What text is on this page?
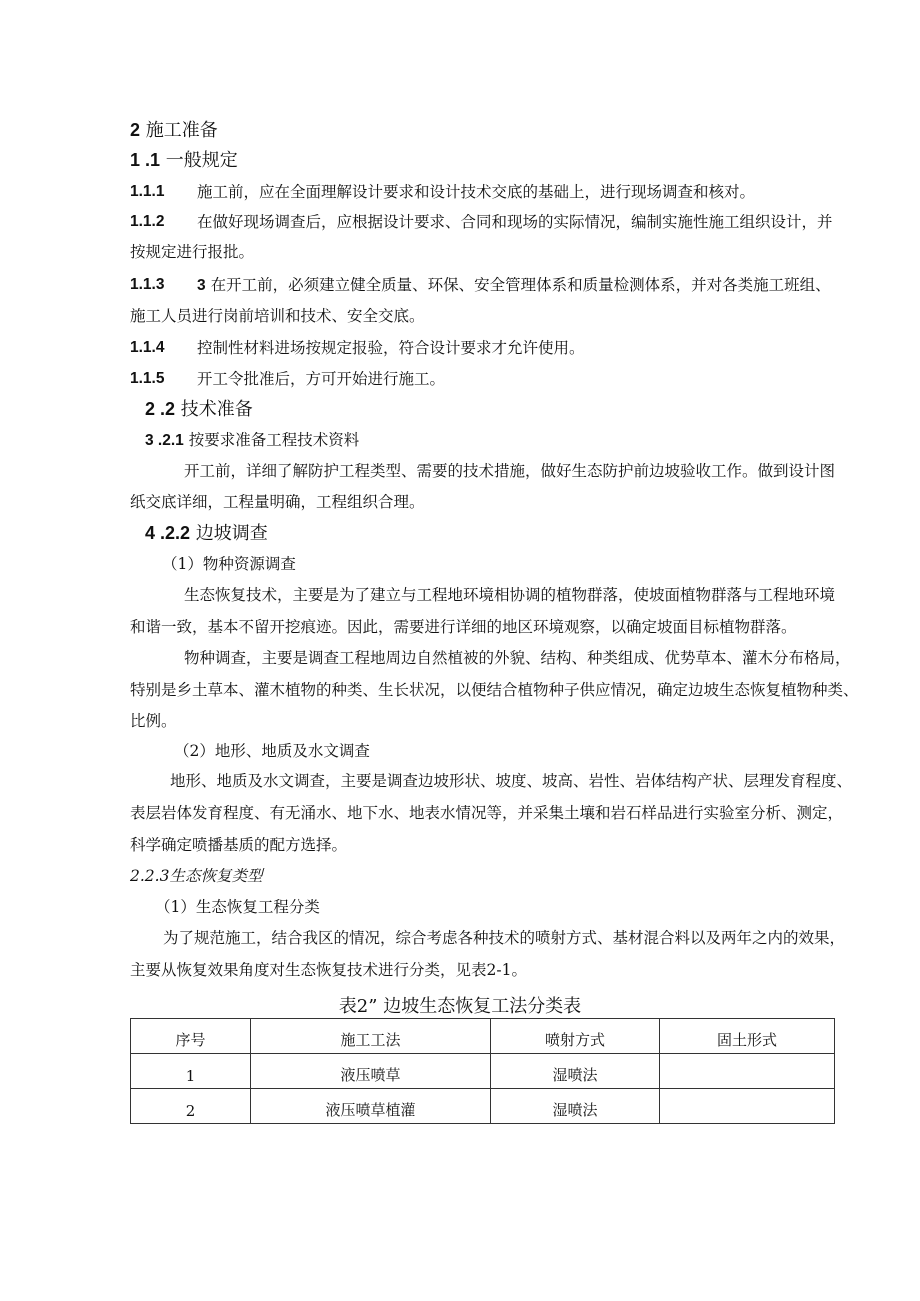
2 施工准备
1 .1 一般规定
1.1.1 施工前，应在全面理解设计要求和设计技术交底的基础上，进行现场调查和核对。
1.1.2 在做好现场调查后，应根据设计要求、合同和现场的实际情况，编制实施性施工组织设计，并
按规定进行报批。
1.1.3 3 在开工前，必须建立健全质量、环保、安全管理体系和质量检测体系，并对各类施工班组、
施工人员进行岗前培训和技术、安全交底。
1.1.4 控制性材料进场按规定报验，符合设计要求才允许使用。
1.1.5 开工令批准后，方可开始进行施工。
2 .2 技术准备
3 .2.1 按要求准备工程技术资料
开工前，详细了解防护工程类型、需要的技术措施，做好生态防护前边坡验收工作。做到设计图
纸交底详细，工程量明确，工程组织合理。
4 .2.2 边坡调查
（1）物种资源调查
生态恢复技术，主要是为了建立与工程地环境相协调的植物群落，使坡面植物群落与工程地环境
和谐一致，基本不留开挖痕迹。因此，需要进行详细的地区环境观察，以确定坡面目标植物群落。
物种调查，主要是调查工程地周边自然植被的外貌、结构、种类组成、优势草本、灌木分布格局，
特别是乡土草本、灌木植物的种类、生长状况，以便结合植物种子供应情况，确定边坡生态恢复植物种类、
比例。
（2）地形、地质及水文调查
地形、地质及水文调查，主要是调查边坡形状、坡度、坡高、岩性、岩体结构产状、层理发育程度、
表层岩体发育程度、有无涌水、地下水、地表水情况等，并采集土壤和岩石样品进行实验室分析、测定，
科学确定喷播基质的配方选择。
2.2.3生态恢复类型
（1）生态恢复工程分类
为了规范施工，结合我区的情况，综合考虑各种技术的喷射方式、基材混合料以及两年之内的效果，
主要从恢复效果角度对生态恢复技术进行分类，见表2-1。
表2” 边坡生态恢复工法分类表
序号	施工工法	喷射方式	固土形式
1	液压喷草	湿喷法	
2	液压喷草植灌	湿喷法	
